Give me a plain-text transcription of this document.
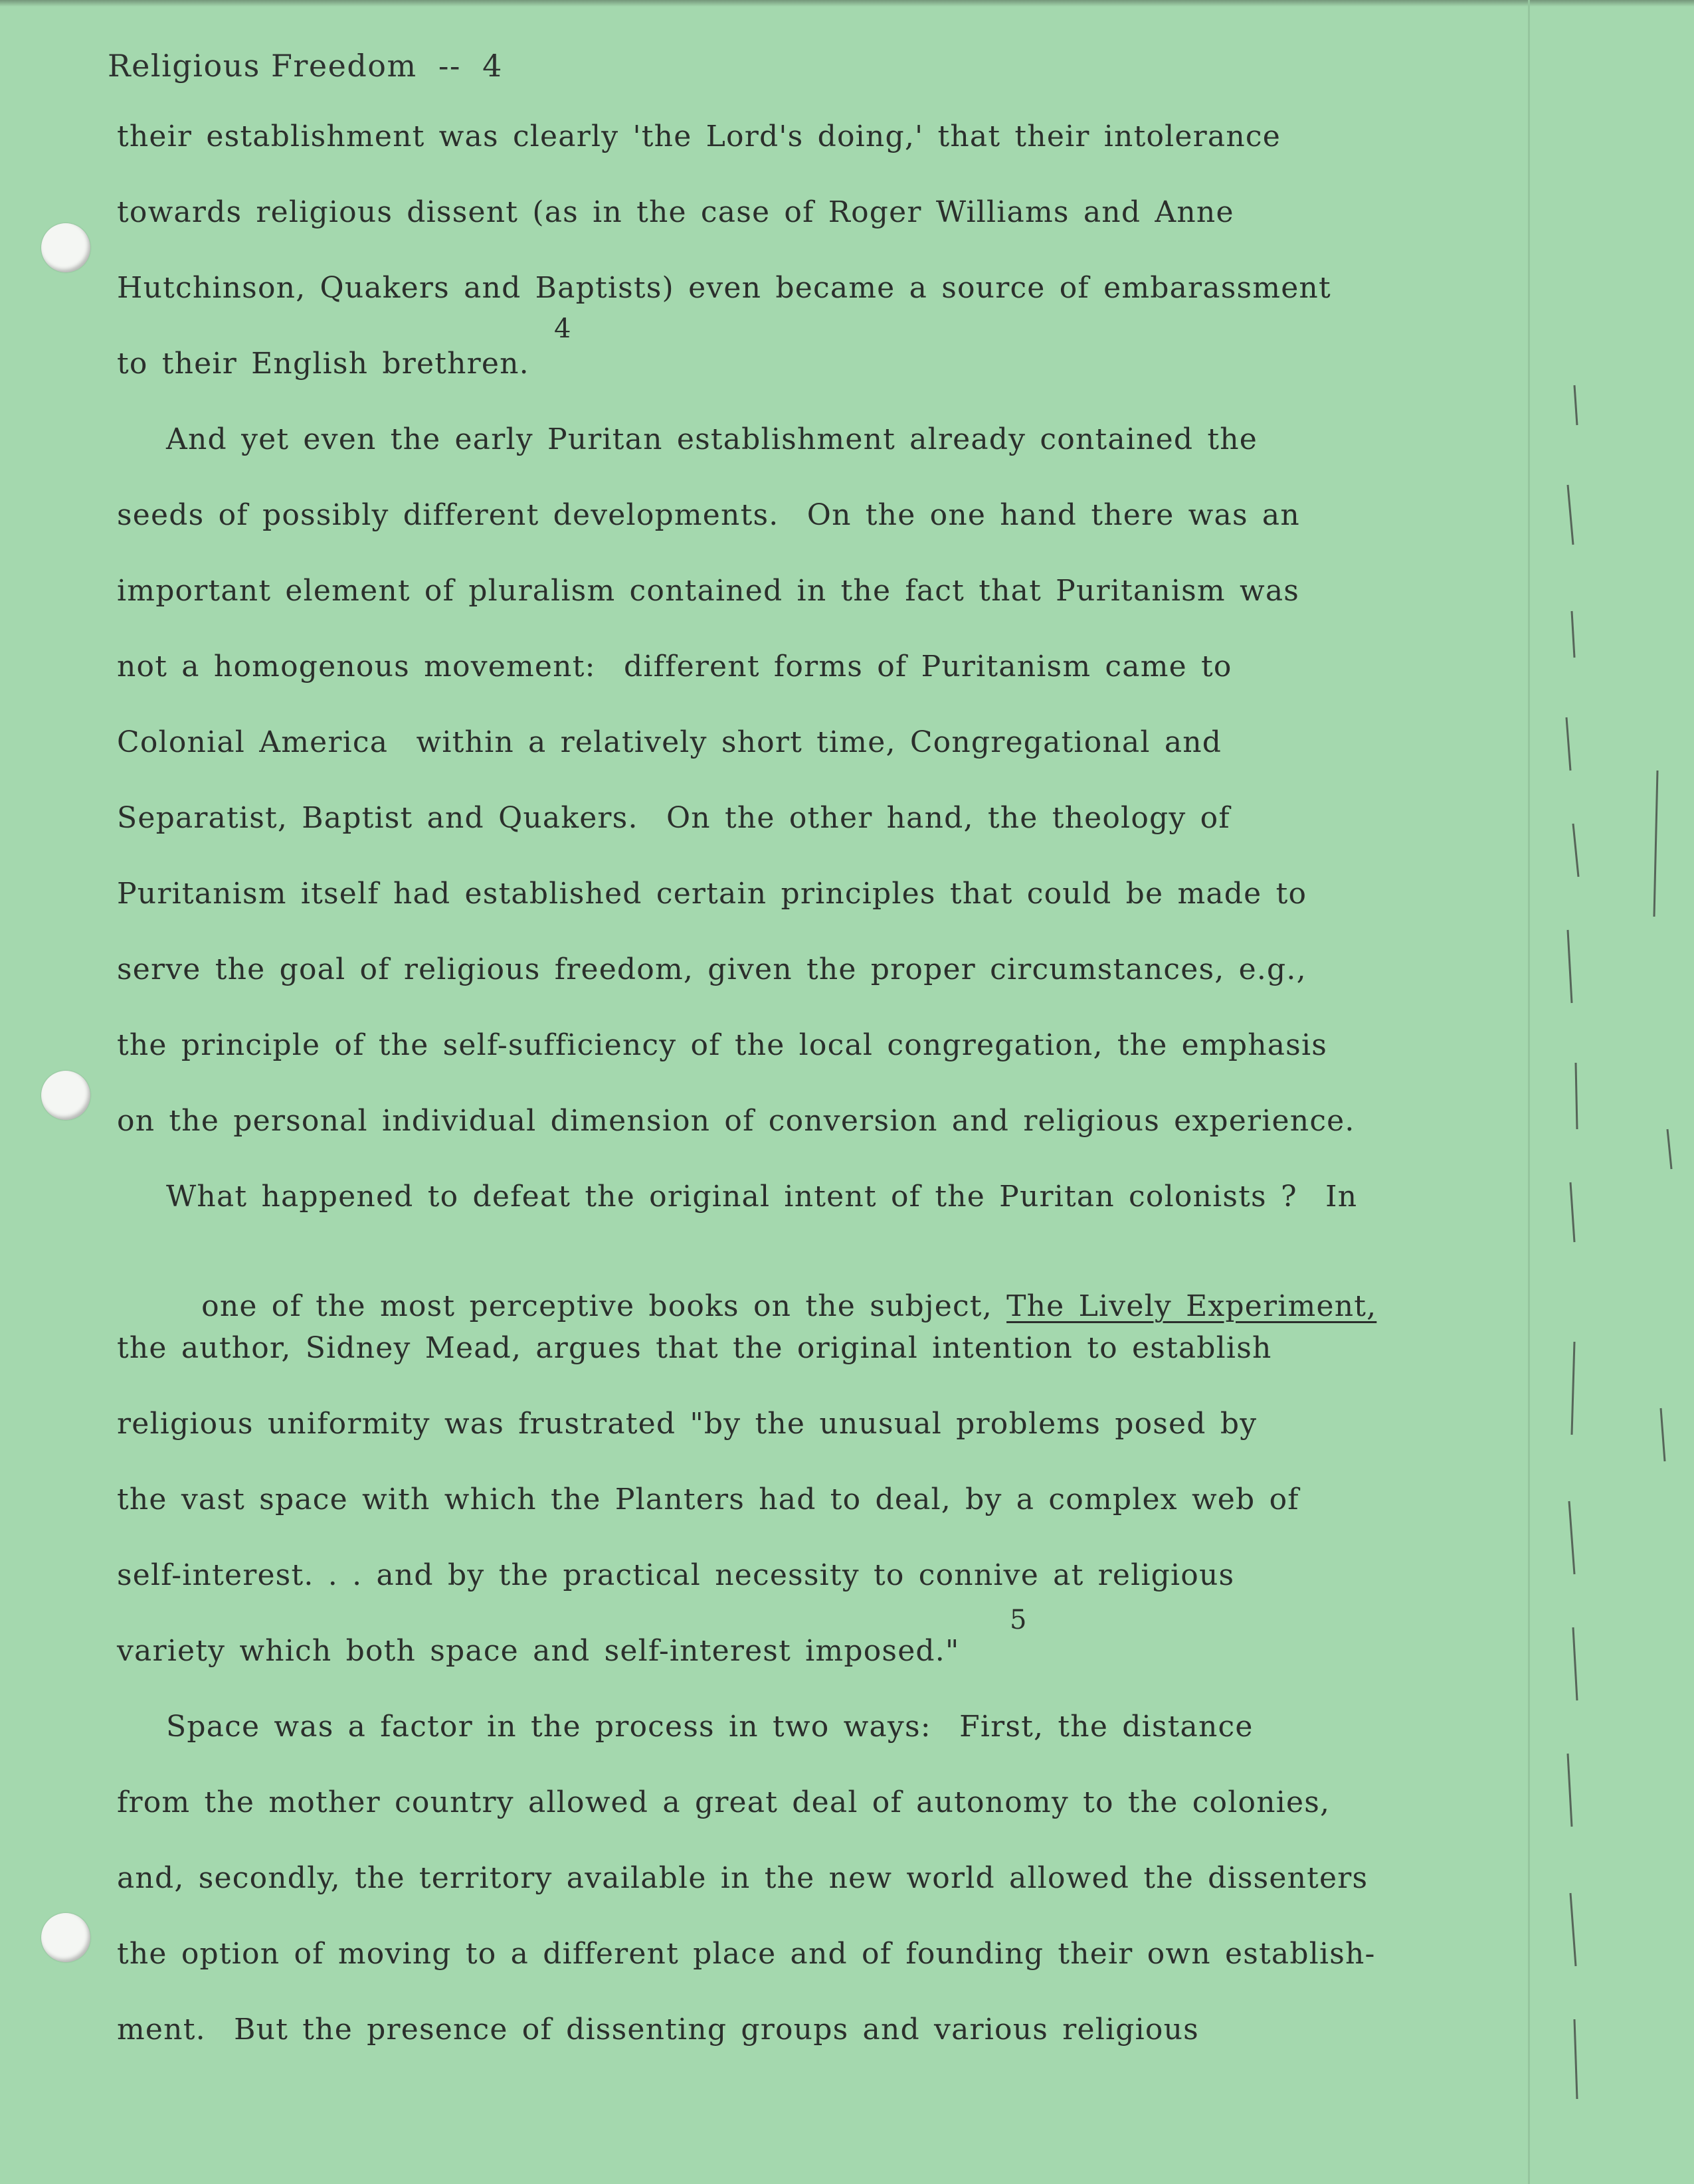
Religious Freedom  --  4
their establishment was clearly 'the Lord's doing,' that their intolerance
towards religious dissent (as in the case of Roger Williams and Anne
Hutchinson, Quakers and Baptists) even became a source of embarassment
4
to their English brethren.
And yet even the early Puritan establishment already contained the
seeds of possibly different developments.  On the one hand there was an
important element of pluralism contained in the fact that Puritanism was
not a homogenous movement:  different forms of Puritanism came to
Colonial America  within a relatively short time, Congregational and
Separatist, Baptist and Quakers.  On the other hand, the theology of
Puritanism itself had established certain principles that could be made to
serve the goal of religious freedom, given the proper circumstances, e.g.,
the principle of the self-sufficiency of the local congregation, the emphasis
on the personal individual dimension of conversion and religious experience.
What happened to defeat the original intent of the Puritan colonists ?  In

one of the most perceptive books on the subject, The Lively Experiment,

the author, Sidney Mead, argues that the original intention to establish
religious uniformity was frustrated "by the unusual problems posed by
the vast space with which the Planters had to deal, by a complex web of
self-interest. . . and by the practical necessity to connive at religious
5
variety which both space and self-interest imposed."
Space was a factor in the process in two ways:  First, the distance
from the mother country allowed a great deal of autonomy to the colonies,
and, secondly, the territory available in the new world allowed the dissenters
the option of moving to a different place and of founding their own establish-
ment.  But the presence of dissenting groups and various religious
